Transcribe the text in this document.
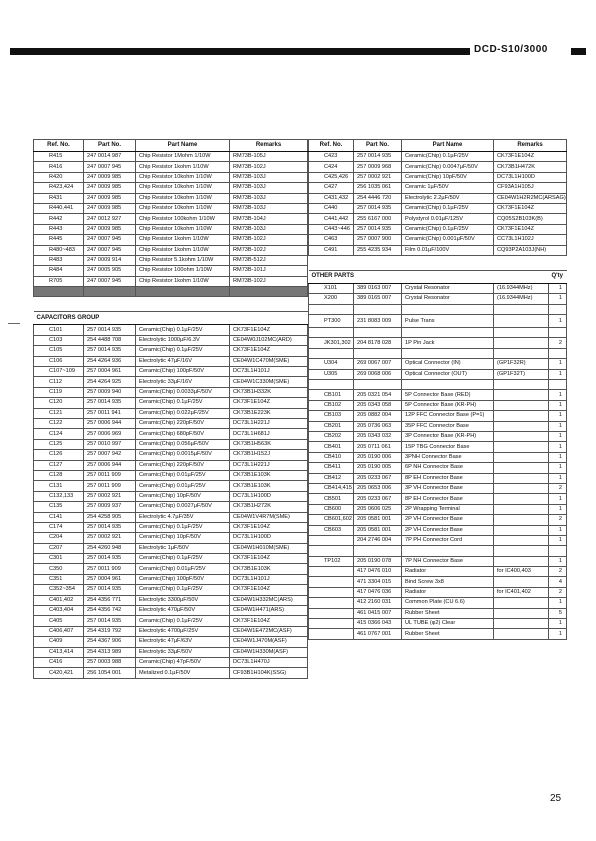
DCD-S10/3000
Ref. No.	Part No.	Part Name	Remarks
R415	247 0014 987	Chip Resistor 1Mohm 1/10W	RM73B-105J
R416	247 0007 945	Chip Resistor 1kohm 1/10W	RM73B-102J
R420	247 0009 985	Chip Resistor 10kohm 1/10W	RM73B-103J
R423,424	247 0009 985	Chip Resistor 10kohm 1/10W	RM73B-103J
R431	247 0009 985	Chip Resistor 10kohm 1/10W	RM73B-103J
R440,441	247 0009 985	Chip Resistor 10kohm 1/10W	RM73B-103J
R442	247 0012 927	Chip Resistor 100kohm 1/10W	RM73B-104J
R443	247 0009 985	Chip Resistor 10kohm 1/10W	RM73B-103J
R445	247 0007 945	Chip Resistor 1kohm 1/10W	RM73B-102J
R480~483	247 0007 945	Chip Resistor 1kohm 1/10W	RM73B-102J
R483	247 0009 914	Chip Resistor 5.1kohm 1/10W	RM73B-512J
R484	247 0005 905	Chip Resistor 100ohm 1/10W	RM73B-101J
R705	247 0007 945	Chip Resistor 1kohm 1/10W	RM73B-102J

CAPACITORS GROUP			
C101	257 0014 935	Ceramic(Chip) 0.1µF/25V	CK73F1E104Z
C103	254 4488 708	Electrolytic 1000µF/6.3V	CE04W0J102MC(ARD)
C105	257 0014 935	Ceramic(Chip) 0.1µF/25V	CK73F1E104Z
C106	254 4264 936	Electrolytic 47µF/16V	CE04W1C470M(SME)
C107~109	257 0004 961	Ceramic(Chip) 100pF/50V	DC73L1H101J
C112	254 4264 925	Electrolytic 33µF/16V	CE04W1C330M(SME)
C119	257 0009 940	Ceramic(Chip) 0.0033µF/50V	CK73B1H332K
C120	257 0014 935	Ceramic(Chip) 0.1µF/25V	CK73F1E104Z
C121	257 0011 941	Ceramic(Chip) 0.022µF/25V	CK73B1E223K
C122	257 0006 944	Ceramic(Chip) 220pF/50V	DC73L1H221J
C124	257 0006 969	Ceramic(Chip) 680pF/50V	DC73L1H681J
C125	257 0010 997	Ceramic(Chip) 0.056µF/50V	CK73B1H563K
C126	257 0007 942	Ceramic(Chip) 0.0015µF/50V	CK73B1H152J
C127	257 0006 944	Ceramic(Chip) 220pF/50V	DC73L1H221J
C128	257 0011 909	Ceramic(Chip) 0.01µF/25V	CK73B1E103K
C131	257 0011 909	Ceramic(Chip) 0.01µF/25V	CK73B1E103K
C132,133	257 0002 921	Ceramic(Chip) 10pF/50V	DC73L1H100D
C135	257 0009 937	Ceramic(Chip) 0.0027µF/50V	CK73B1H272K
C141	254 4258 905	Electrolytic 4.7µF/35V	CE04W1V4R7M(SME)
C174	257 0014 935	Ceramic(Chip) 0.1µF/25V	CK73F1E104Z
C204	257 0002 921	Ceramic(Chip) 10pF/50V	DC73L1H100D
C207	254 4260 948	Electrolytic 1µF/50V	CE04W1H010M(SME)
C301	257 0014 935	Ceramic(Chip) 0.1µF/25V	CK73F1E104Z
C350	257 0011 909	Ceramic(Chip) 0.01µF/25V	CK73B1E103K
C351	257 0004 961	Ceramic(Chip) 100pF/50V	DC73L1H101J
C352~354	257 0014 935	Ceramic(Chip) 0.1µF/25V	CK73F1E104Z
C401,402	254 4356 771	Electrolytic 3300µF/50V	CE04W1H332MC(ARS)
C403,404	254 4356 742	Electrolytic 470µF/50V	CE04W1H471(ARS)
C405	257 0014 935	Ceramic(Chip) 0.1µF/25V	CK73F1E104Z
C406,407	254 4319 792	Electrolytic 4700µF/25V	CE04W1E472MC(ASF)
C409	254 4367 906	Electrolytic 47µF/63V	CE04W1J470M(ASF)
C413,414	254 4313 989	Electrolytic 33µF/50V	CE04W1H330M(ASF)
C416	257 0003 988	Ceramic(Chip) 47pF/50V	DC73L1H470J
C420,421	256 1054 001	Metalized 0.1µF/50V	CF93B1H104K(SSG)
Ref. No.	Part No.	Part Name	Remarks	
C423	257 0014 935	Ceramic(Chip) 0.1µF/25V	CK73F1E104Z	
C424	257 0009 968	Ceramic(Chip) 0.0047µF/50V	CK73B1H472K	
C425,426	257 0002 921	Ceramic(Chip) 10pF/50V	DC73L1H100D	
C427	256 1035 061	Ceramic 1µF/50V	CF93A1H105J	
C431,432	254 4446 720	Electrolytic 2.2µF/50V	CE04W1H2R2MC(ARSAG)	
C440	257 0014 935	Ceramic(Chip) 0.1µF/25V	CK73F1E104Z	
C441,442	255 6167 000	Polystyrol 0.01µF/125V	CQ05S2B103K(B)	
C443~446	257 0014 935	Ceramic(Chip) 0.1µF/25V	CK73F1E104Z	
C463	257 0007 900	Ceramic(Chip) 0.001µF/50V	CC73L1H102J	
C491	255 4235 934	Film 0.01µF/100V	CQ93P2A103J(NH)	

OTHER PARTS				Q'ty
X101	389 0163 007	Crystal Resonator	(16.9344MHz)	1
X200	389 0165 007	Crystal Resonator	(16.9344MHz)	1

PT300	231 8083 009	Pulse Trans		1

JK301,302	204 8178 028	1P Pin Jack		2

U304	269 0067 007	Optical Connector (IN)	(GP1F32R)	1
U305	269 0068 006	Optical Connector (OUT)	(GP1F32T)	1

CB101	205 0321 054	5P Connector Base (RED)		1
CB102	205 0343 058	5P Connector Base (KR-PH)		1
CB103	205 0882 004	12P FFC Connector Base (P=1)		1
CB201	205 0736 063	35P FFC Connector Base		1
CB202	205 0343 032	3P Connector Base (KR-PH)		1
CB401	205 0711 061	15P TBG Connector Base		1
CB410	205 0190 006	3PNH Connector Base		1
CB411	205 0190 005	6P NH Connector Base		1
CB412	205 0233 067	8P EH Connector Base		1
CB414,415	205 0653 006	3P VH Connector Base		2
CB501	205 0233 067	8P EH Connector Base		1
CB600	205 0606 025	2P Wrapping Terminal		1
CB601,602	205 0581 001	2P VH Connector Base		2
CB603	205 0581 001	2P VH Connector Base		1
	204 2746 004	7P PH Connector Cord		1

TP102	205 0190 078	7P NH Connector Base		1
	417 0476 010	Radiator	for IC400,403	2
	471 3304 015	Bind Screw 3x8		4
	417 0476 036	Radiator	for IC401,402	2
	412 2160 031	Common Plate (CU 6.6)		1
	461 0415 007	Rubber Sheet		5
	415 0366 043	UL TUBE (φ2) Clear		1
	461 0767 001	Rubber Sheet		1
25
